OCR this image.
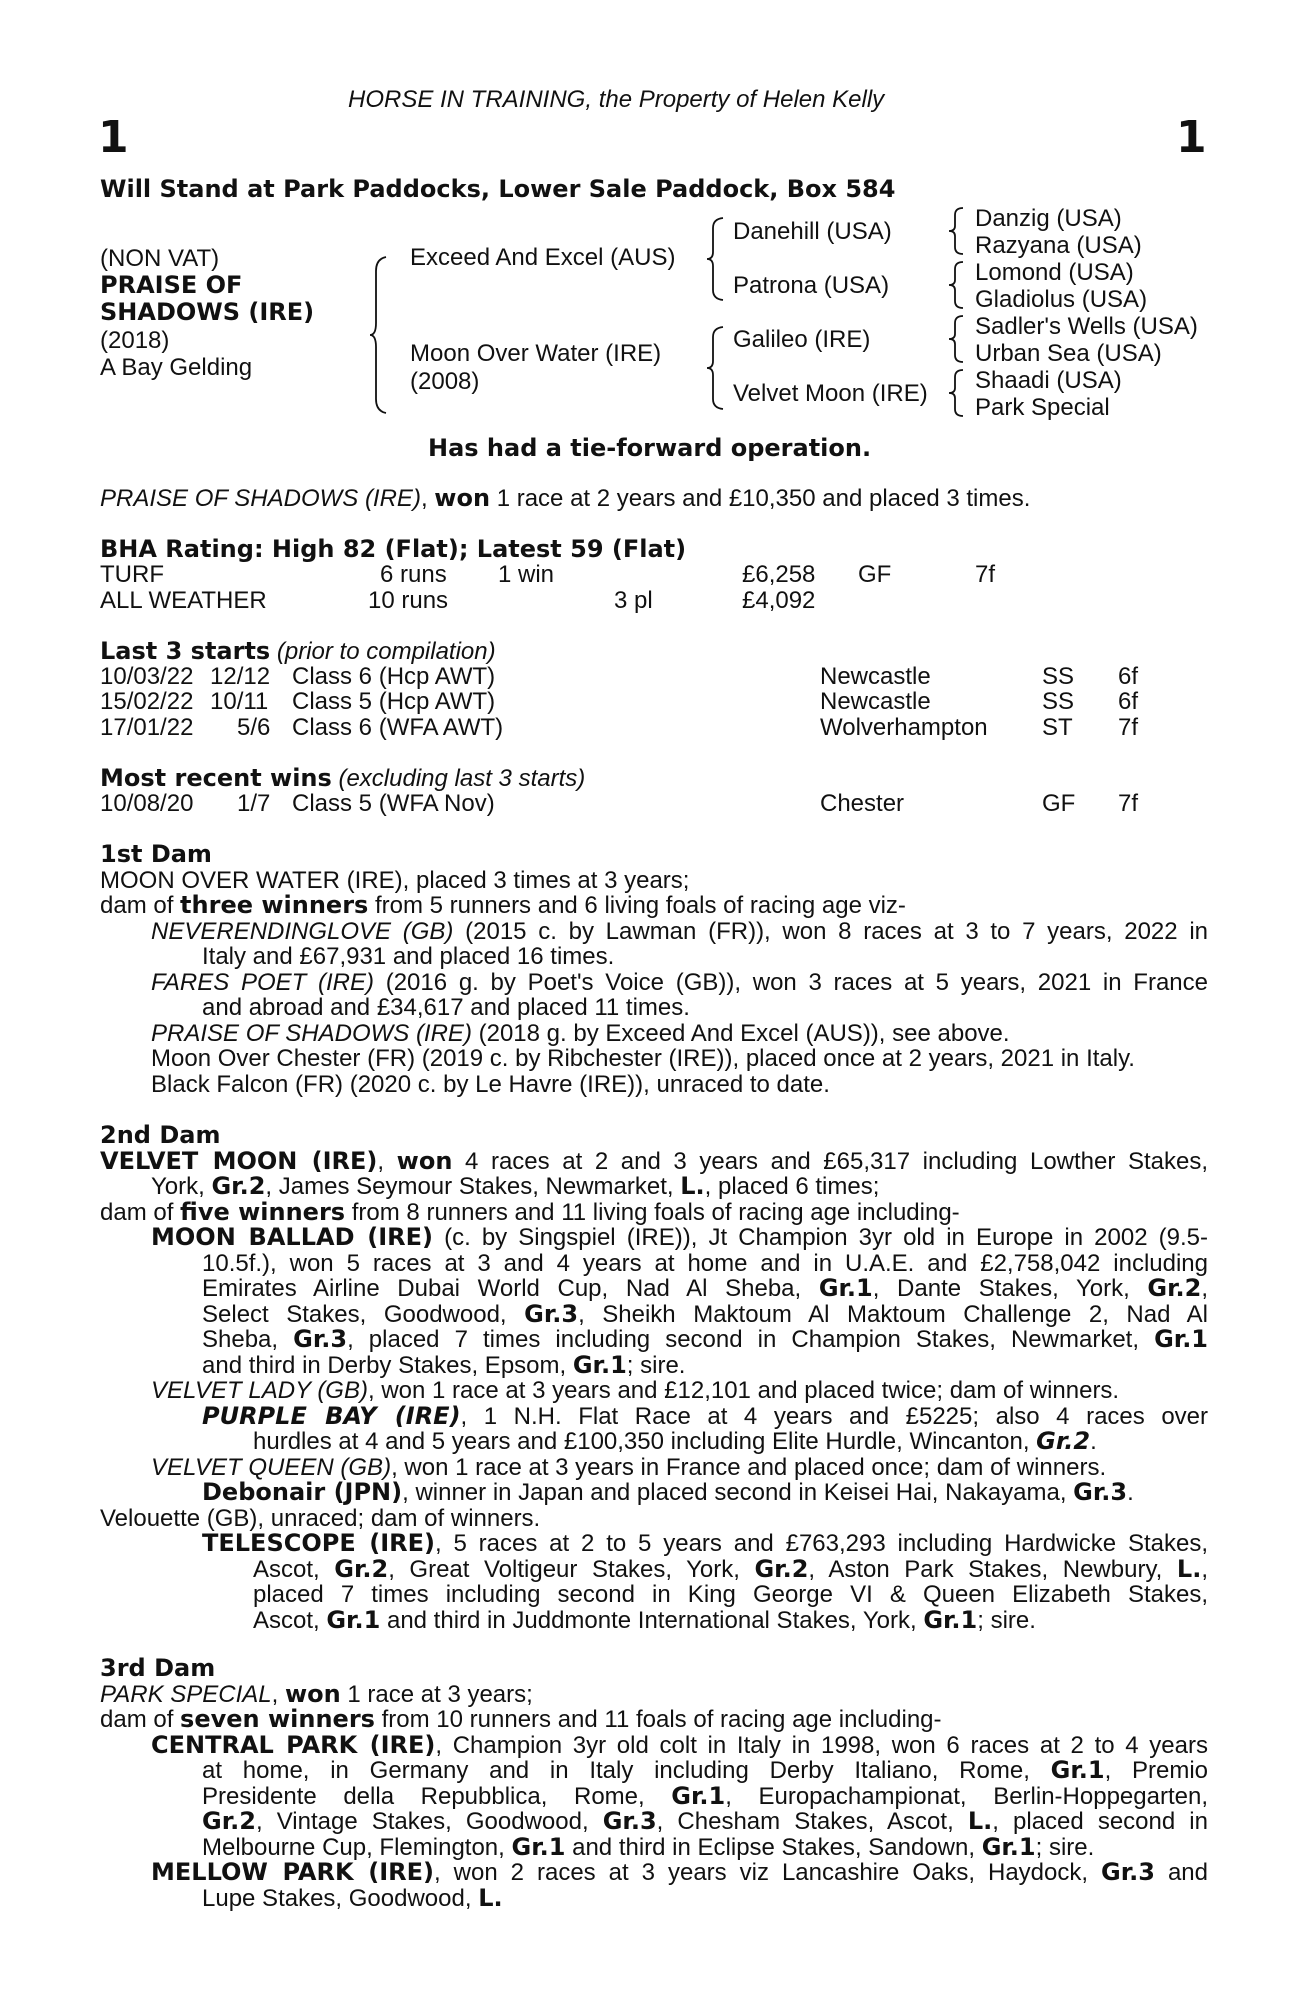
HORSE IN TRAINING, the Property of Helen Kelly
1	1
Will Stand at Park Paddocks, Lower Sale Paddock, Box 584
(NON VAT)
PRAISE OF
SHADOWS (IRE)
(2018)
A Bay Gelding
Exceed And Excel (AUS)
Moon Over Water (IRE)
(2008)
Danehill (USA)
Patrona (USA)
Galileo (IRE)
Velvet Moon (IRE)
Danzig (USA)
Razyana (USA)
Lomond (USA)
Gladiolus (USA)
Sadler's Wells (USA)
Urban Sea (USA)
Shaadi (USA)
Park Special
Has had a tie-forward operation.
PRAISE OF SHADOWS (IRE), won 1 race at 2 years and £10,350 and placed 3 times.
BHA Rating: High 82 (Flat); Latest 59 (Flat)
TURF	6 runs 1 win	£6,258 GF	7f
ALL WEATHER	10 runs	3 pl	£4,092
Last 3 starts (prior to compilation)
10/03/22 12/12 Class 6 (Hcp AWT)	Newcastle	SS 6f
15/02/22 10/11 Class 5 (Hcp AWT)	Newcastle	SS 6f
17/01/22 5/6 Class 6 (WFA AWT)	Wolverhampton ST 7f
Most recent wins (excluding last 3 starts)
10/08/20 1/7 Class 5 (WFA Nov)	Chester	GF 7f
1st Dam
MOON OVER WATER (IRE), placed 3 times at 3 years;
dam of three winners from 5 runners and 6 living foals of racing age viz-
NEVERENDINGLOVE (GB) (2015 c. by Lawman (FR)), won 8 races at 3 to 7 years, 2022 in
Italy and £67,931 and placed 16 times.
FARES POET (IRE) (2016 g. by Poet's Voice (GB)), won 3 races at 5 years, 2021 in France
and abroad and £34,617 and placed 11 times.
PRAISE OF SHADOWS (IRE) (2018 g. by Exceed And Excel (AUS)), see above.
Moon Over Chester (FR) (2019 c. by Ribchester (IRE)), placed once at 2 years, 2021 in Italy.
Black Falcon (FR) (2020 c. by Le Havre (IRE)), unraced to date.
2nd Dam
VELVET MOON (IRE), won 4 races at 2 and 3 years and £65,317 including Lowther Stakes,
York, Gr.2, James Seymour Stakes, Newmarket, L., placed 6 times;
dam of five winners from 8 runners and 11 living foals of racing age including-
MOON BALLAD (IRE) (c. by Singspiel (IRE)), Jt Champion 3yr old in Europe in 2002 (9.5-
10.5f.), won 5 races at 3 and 4 years at home and in U.A.E. and £2,758,042 including
Emirates Airline Dubai World Cup, Nad Al Sheba, Gr.1, Dante Stakes, York, Gr.2,
Select Stakes, Goodwood, Gr.3, Sheikh Maktoum Al Maktoum Challenge 2, Nad Al
Sheba, Gr.3, placed 7 times including second in Champion Stakes, Newmarket, Gr.1
and third in Derby Stakes, Epsom, Gr.1; sire.
VELVET LADY (GB), won 1 race at 3 years and £12,101 and placed twice; dam of winners.
PURPLE BAY (IRE), 1 N.H. Flat Race at 4 years and £5225; also 4 races over
hurdles at 4 and 5 years and £100,350 including Elite Hurdle, Wincanton, Gr.2.
VELVET QUEEN (GB), won 1 race at 3 years in France and placed once; dam of winners.
Debonair (JPN), winner in Japan and placed second in Keisei Hai, Nakayama, Gr.3.
Velouette (GB), unraced; dam of winners.
TELESCOPE (IRE), 5 races at 2 to 5 years and £763,293 including Hardwicke Stakes,
Ascot, Gr.2, Great Voltigeur Stakes, York, Gr.2, Aston Park Stakes, Newbury, L.,
placed 7 times including second in King George VI & Queen Elizabeth Stakes,
Ascot, Gr.1 and third in Juddmonte International Stakes, York, Gr.1; sire.
3rd Dam
PARK SPECIAL, won 1 race at 3 years;
dam of seven winners from 10 runners and 11 foals of racing age including-
CENTRAL PARK (IRE), Champion 3yr old colt in Italy in 1998, won 6 races at 2 to 4 years
at home, in Germany and in Italy including Derby Italiano, Rome, Gr.1, Premio
Presidente della Repubblica, Rome, Gr.1, Europachampionat, Berlin-Hoppegarten,
Gr.2, Vintage Stakes, Goodwood, Gr.3, Chesham Stakes, Ascot, L., placed second in
Melbourne Cup, Flemington, Gr.1 and third in Eclipse Stakes, Sandown, Gr.1; sire.
MELLOW PARK (IRE), won 2 races at 3 years viz Lancashire Oaks, Haydock, Gr.3 and
Lupe Stakes, Goodwood, L.
